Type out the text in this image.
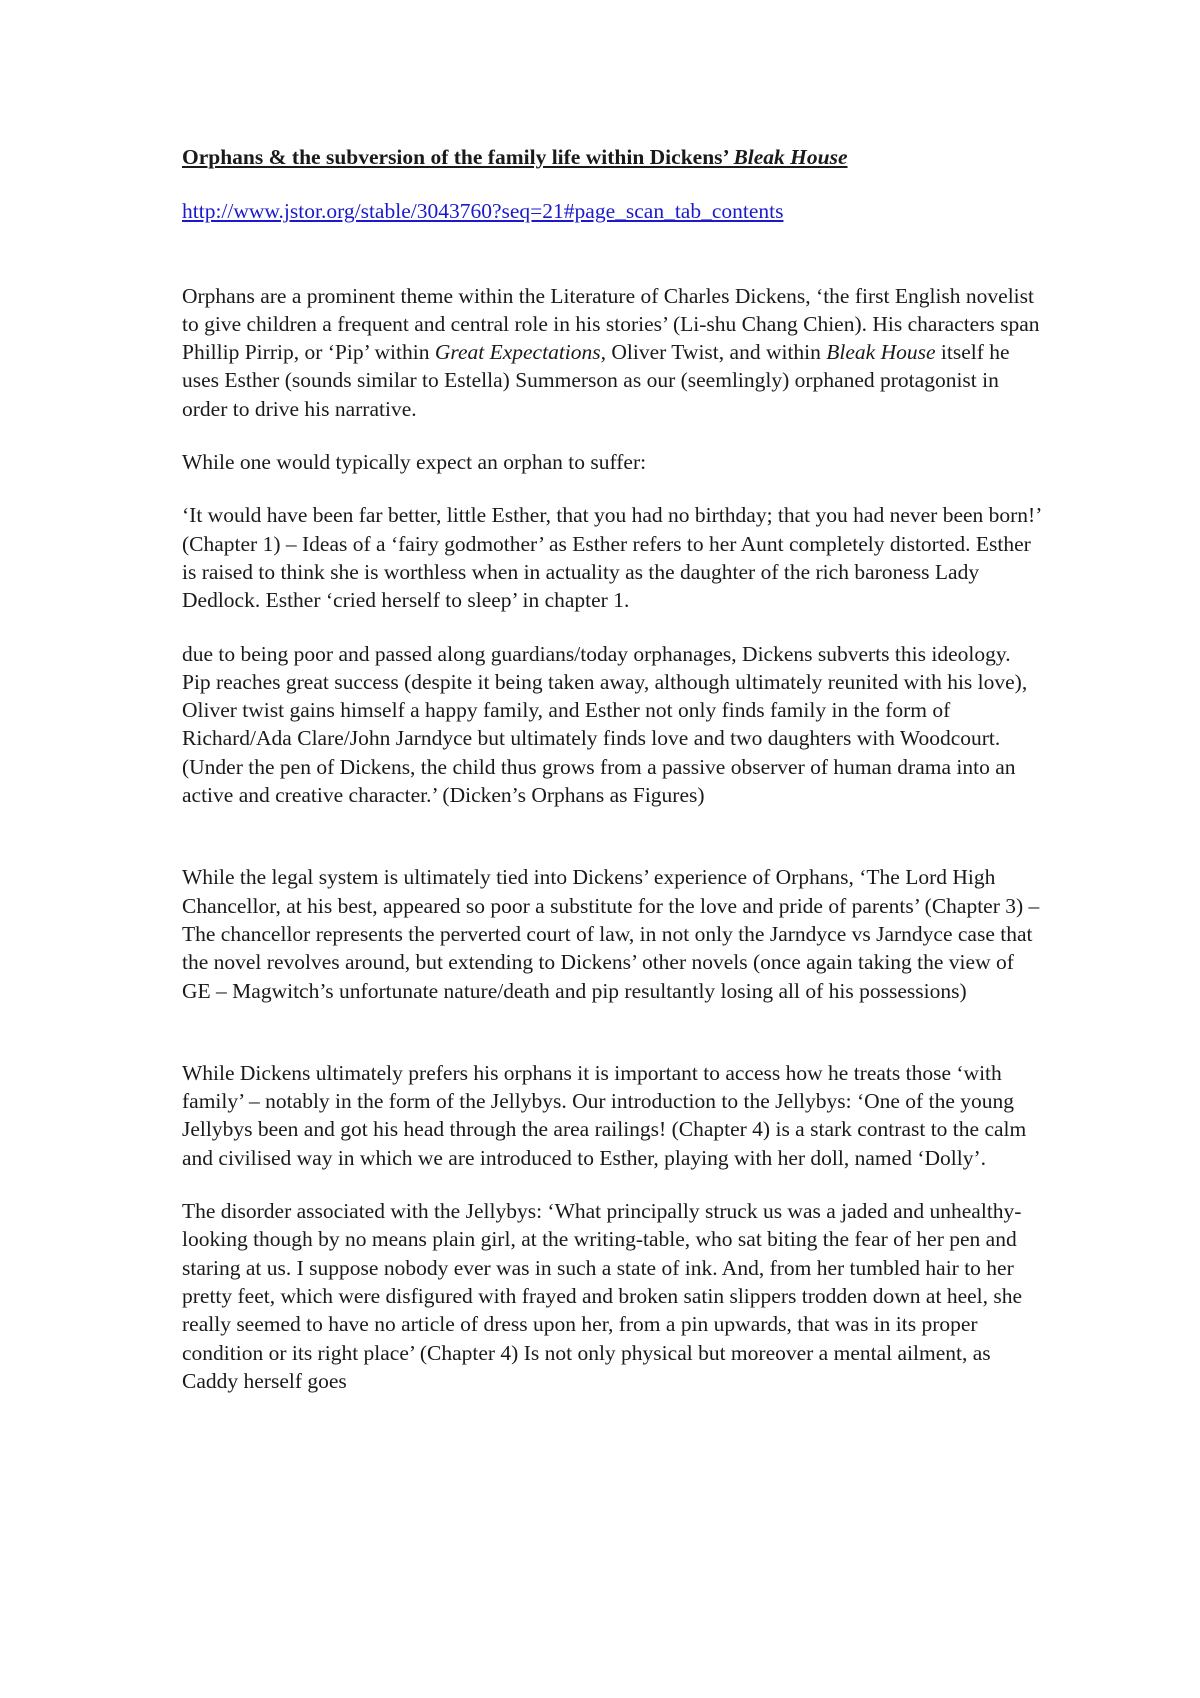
Orphans & the subversion of the family life within Dickens’ Bleak House

http://www.jstor.org/stable/3043760?seq=21#page_scan_tab_contents

Orphans are a prominent theme within the Literature of Charles Dickens, ‘the first English novelist to give children a frequent and central role in his stories’ (Li-shu Chang Chien). His characters span Phillip Pirrip, or ‘Pip’ within Great Expectations, Oliver Twist, and within Bleak House itself he uses Esther (sounds similar to Estella) Summerson as our (seemlingly) orphaned protagonist in order to drive his narrative.

While one would typically expect an orphan to suffer:

‘It would have been far better, little Esther, that you had no birthday; that you had never been born!’ (Chapter 1) – Ideas of a ‘fairy godmother’ as Esther refers to her Aunt completely distorted. Esther is raised to think she is worthless when in actuality as the daughter of the rich baroness Lady Dedlock. Esther ‘cried herself to sleep’ in chapter 1.

due to being poor and passed along guardians/today orphanages, Dickens subverts this ideology. Pip reaches great success (despite it being taken away, although ultimately reunited with his love), Oliver twist gains himself a happy family, and Esther not only finds family in the form of Richard/Ada Clare/John Jarndyce but ultimately finds love and two daughters with Woodcourt. (Under the pen of Dickens, the child thus grows from a passive observer of human drama into an active and creative character.’ (Dicken’s Orphans as Figures)

While the legal system is ultimately tied into Dickens’ experience of Orphans, ‘The Lord High Chancellor, at his best, appeared so poor a substitute for the love and pride of parents’ (Chapter 3) – The chancellor represents the perverted court of law, in not only the Jarndyce vs Jarndyce case that the novel revolves around, but extending to Dickens’ other novels (once again taking the view of GE – Magwitch’s unfortunate nature/death and pip resultantly losing all of his possessions)

While Dickens ultimately prefers his orphans it is important to access how he treats those ‘with family’ – notably in the form of the Jellybys. Our introduction to the Jellybys: ‘One of the young Jellybys been and got his head through the area railings! (Chapter 4) is a stark contrast to the calm and civilised way in which we are introduced to Esther, playing with her doll, named ‘Dolly’.

The disorder associated with the Jellybys: ‘What principally struck us was a jaded and unhealthy-looking though by no means plain girl, at the writing-table, who sat biting the fear of her pen and staring at us. I suppose nobody ever was in such a state of ink. And, from her tumbled hair to her pretty feet, which were disfigured with frayed and broken satin slippers trodden down at heel, she really seemed to have no article of dress upon her, from a pin upwards, that was in its proper condition or its right place’ (Chapter 4) Is not only physical but moreover a mental ailment, as Caddy herself goes
